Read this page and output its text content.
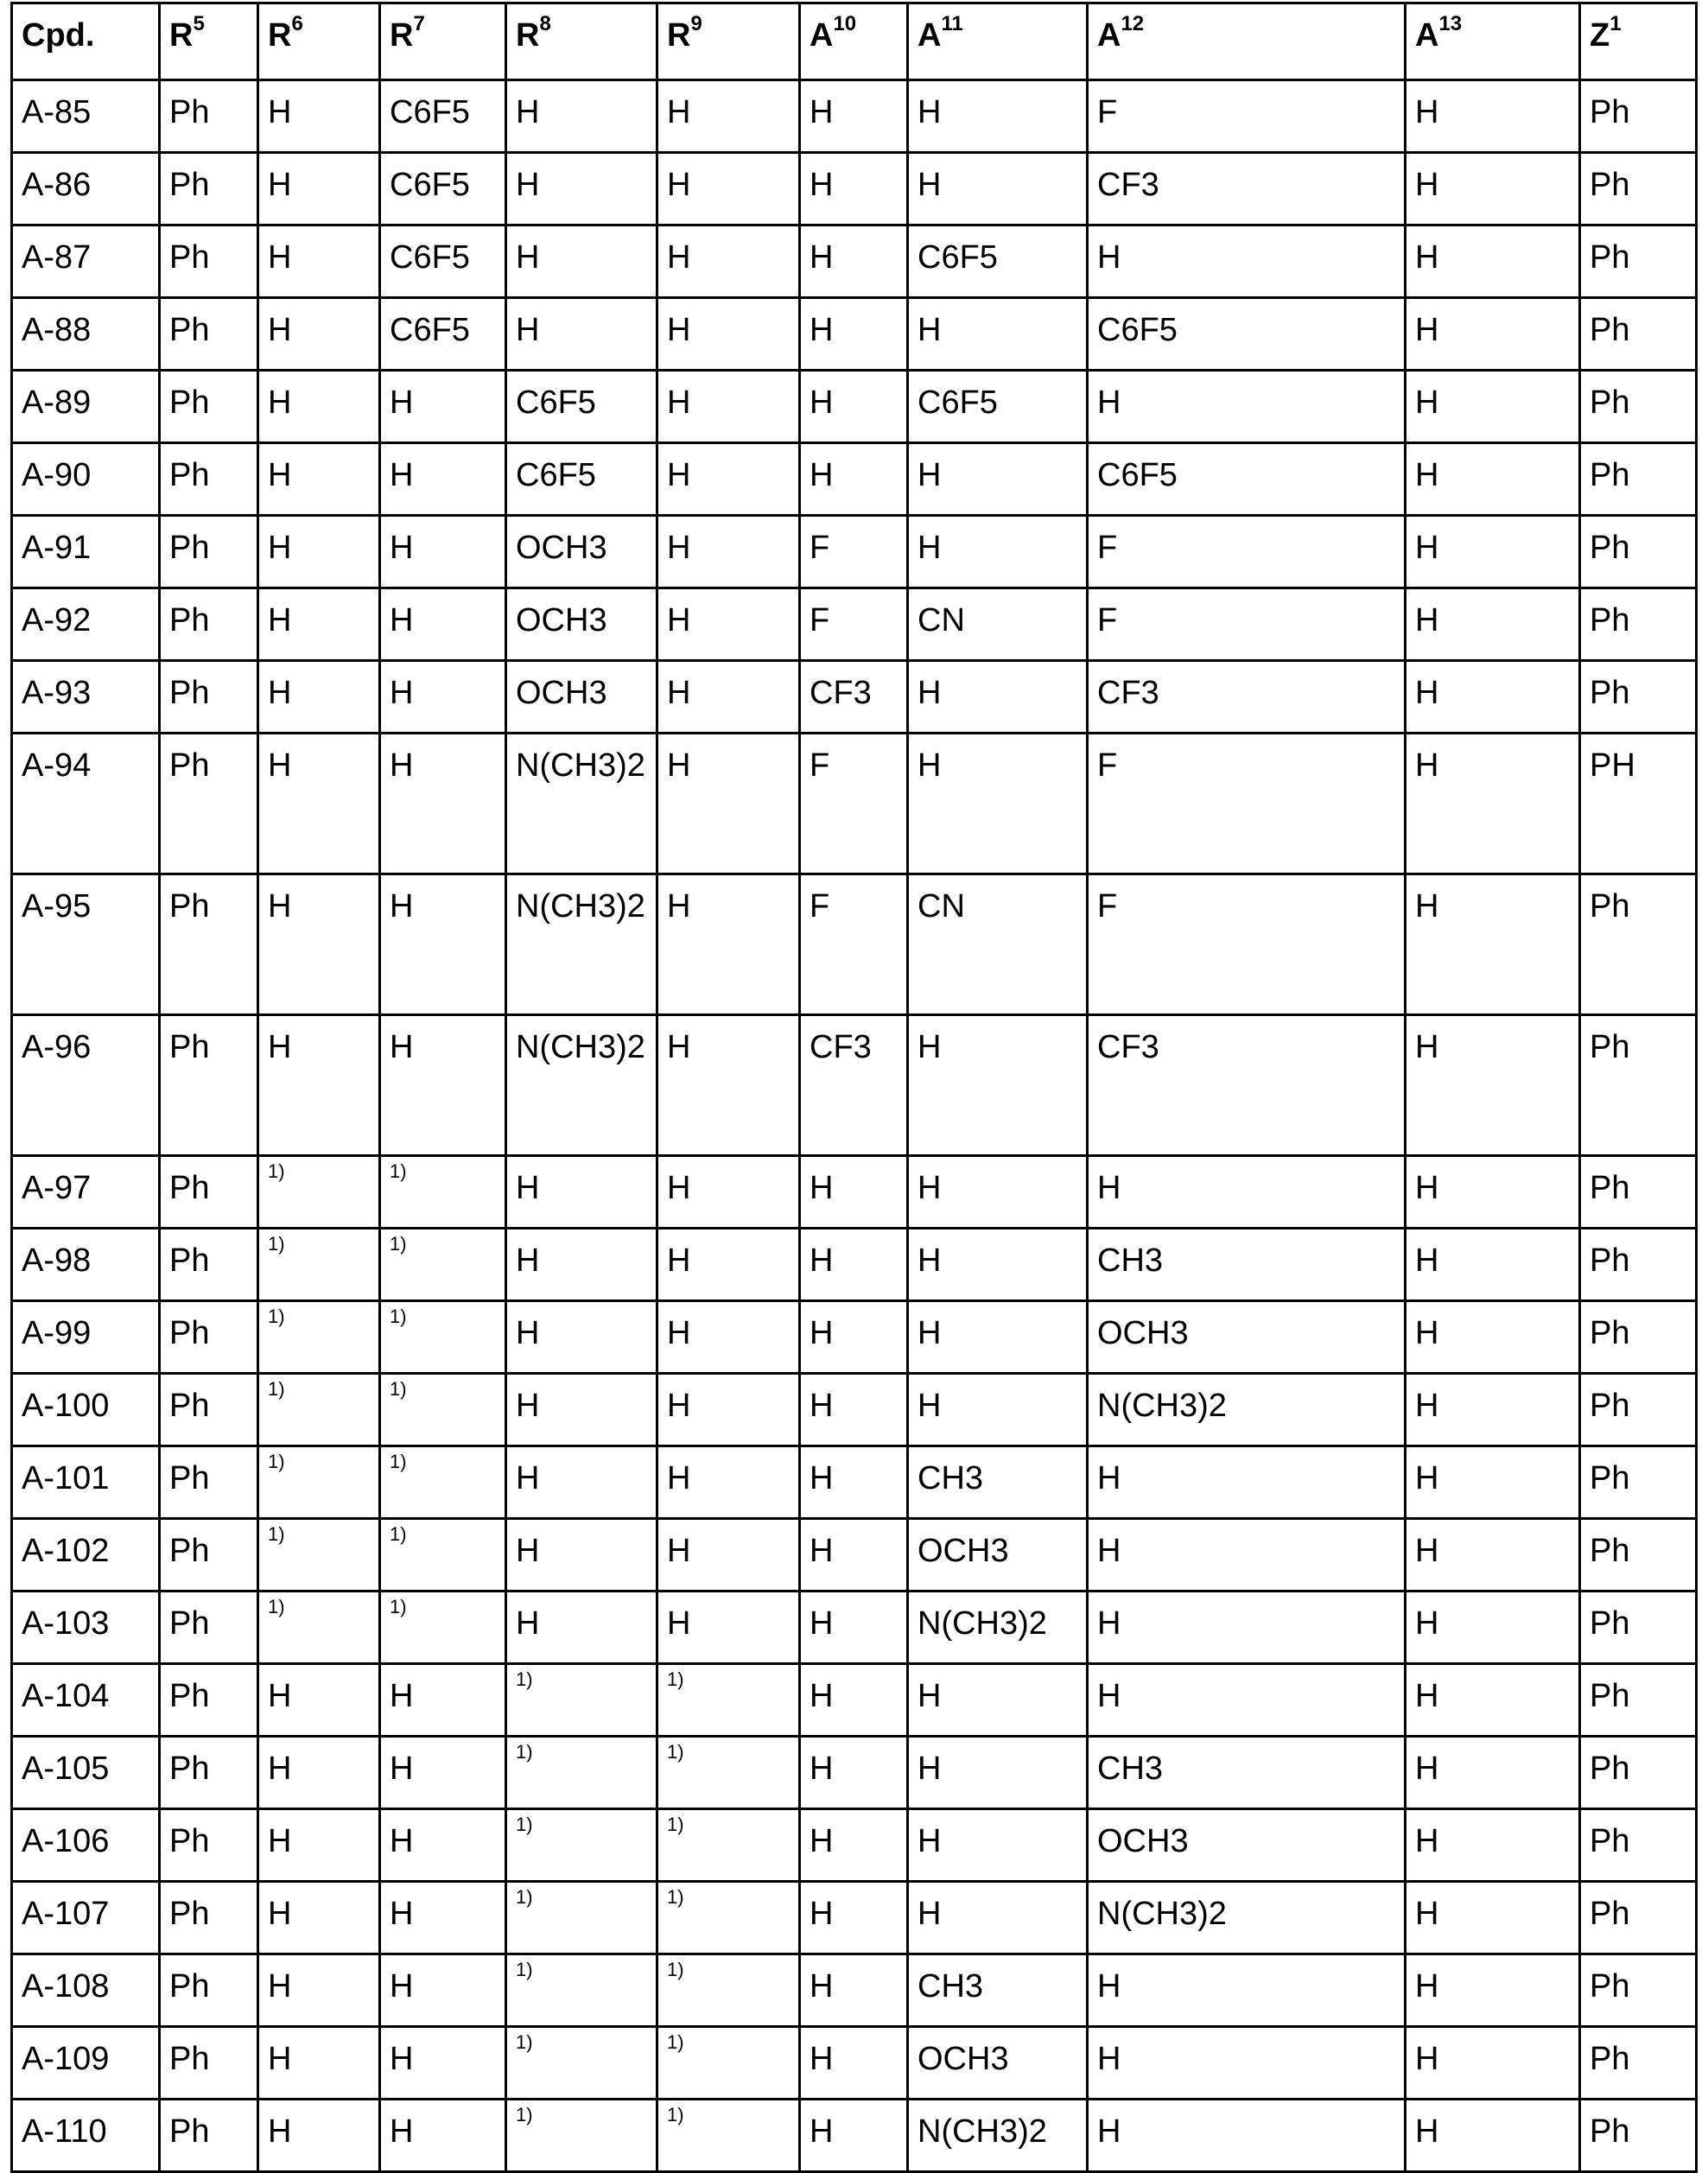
Cpd.	R5	R6	R7	R8	R9	A10	A11	A12	A13	Z1
A-85	Ph	H	C6F5	H	H	H	H	F	H	Ph
A-86	Ph	H	C6F5	H	H	H	H	CF3	H	Ph
A-87	Ph	H	C6F5	H	H	H	C6F5	H	H	Ph
A-88	Ph	H	C6F5	H	H	H	H	C6F5	H	Ph
A-89	Ph	H	H	C6F5	H	H	C6F5	H	H	Ph
A-90	Ph	H	H	C6F5	H	H	H	C6F5	H	Ph
A-91	Ph	H	H	OCH3	H	F	H	F	H	Ph
A-92	Ph	H	H	OCH3	H	F	CN	F	H	Ph
A-93	Ph	H	H	OCH3	H	CF3	H	CF3	H	Ph
A-94	Ph	H	H	N(CH3)2	H	F	H	F	H	PH
A-95	Ph	H	H	N(CH3)2	H	F	CN	F	H	Ph
A-96	Ph	H	H	N(CH3)2	H	CF3	H	CF3	H	Ph
A-97	Ph	1)	1)	H	H	H	H	H	H	Ph
A-98	Ph	1)	1)	H	H	H	H	CH3	H	Ph
A-99	Ph	1)	1)	H	H	H	H	OCH3	H	Ph
A-100	Ph	1)	1)	H	H	H	H	N(CH3)2	H	Ph
A-101	Ph	1)	1)	H	H	H	CH3	H	H	Ph
A-102	Ph	1)	1)	H	H	H	OCH3	H	H	Ph
A-103	Ph	1)	1)	H	H	H	N(CH3)2	H	H	Ph
A-104	Ph	H	H	1)	1)	H	H	H	H	Ph
A-105	Ph	H	H	1)	1)	H	H	CH3	H	Ph
A-106	Ph	H	H	1)	1)	H	H	OCH3	H	Ph
A-107	Ph	H	H	1)	1)	H	H	N(CH3)2	H	Ph
A-108	Ph	H	H	1)	1)	H	CH3	H	H	Ph
A-109	Ph	H	H	1)	1)	H	OCH3	H	H	Ph
A-110	Ph	H	H	1)	1)	H	N(CH3)2	H	H	Ph
